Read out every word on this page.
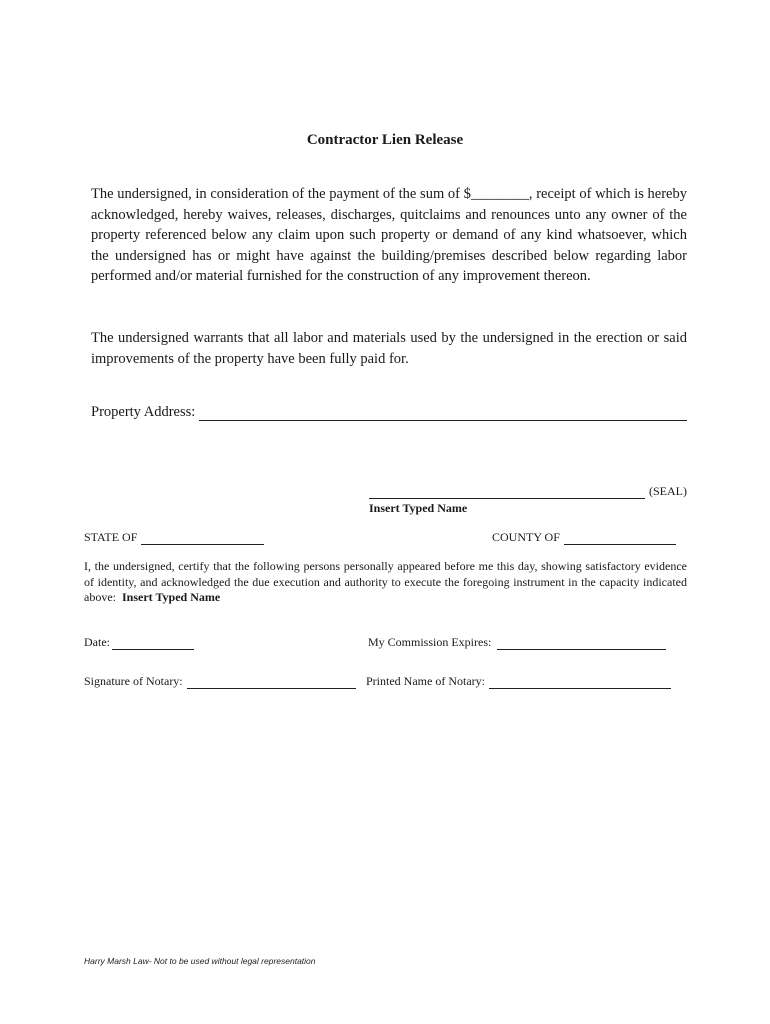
Contractor Lien Release
The undersigned, in consideration of the payment of the sum of $________, receipt of which is hereby acknowledged, hereby waives, releases, discharges, quitclaims and renounces unto any owner of the property referenced below any claim upon such property or demand of any kind whatsoever, which the undersigned has or might have against the building/premises described below regarding labor performed and/or material furnished for the construction of any improvement thereon.
The undersigned warrants that all labor and materials used by the undersigned in the erection or said improvements of the property have been fully paid for.
Property Address:
(SEAL)
Insert Typed Name
STATE OF	COUNTY OF
I, the undersigned, certify that the following persons personally appeared before me this day, showing satisfactory evidence of identity, and acknowledged the due execution and authority to execute the foregoing instrument in the capacity indicated above: Insert Typed Name
Date:	My Commission Expires:
Signature of Notary:	Printed Name of Notary:
Harry Marsh Law- Not to be used without legal representation
